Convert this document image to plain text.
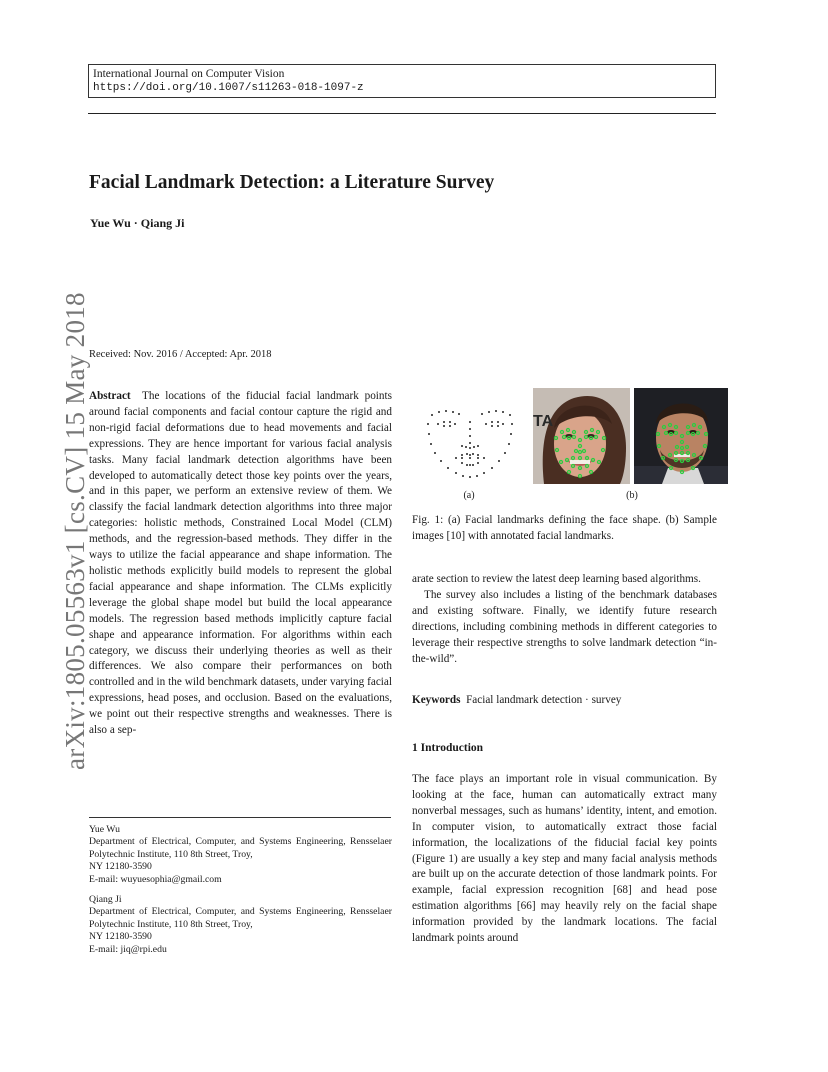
International Journal on Computer Vision
https://doi.org/10.1007/s11263-018-1097-z
Facial Landmark Detection: a Literature Survey
Yue Wu · Qiang Ji
arXiv:1805.05563v1 [cs.CV] 15 May 2018 Received: Nov. 2016 / Accepted: Apr. 2018

Abstract The locations of the fiducial facial landmark points around facial components and facial contour capture the rigid and non-rigid facial deformations due to head movements and facial expressions. They are hence important for various facial analysis tasks. Many facial landmark detection algorithms have been developed to automatically detect those key points over the years, and in this paper, we perform an extensive review of them. We classify the facial landmark detection algorithms into three major categories: holistic methods, Constrained Local Model (CLM) methods, and the regression-based methods. They differ in the ways to utilize the facial appearance and shape information. The holistic methods explicitly build models to represent the global facial appearance and shape information. The CLMs explicitly leverage the global shape model but build the local appearance models. The regression based methods implicitly capture facial shape and appearance information. For algorithms within each category, we discuss their underlying theories as well as their differences. We also compare their performances on both controlled and in the wild benchmark datasets, under varying facial expressions, head poses, and occlusion. Based on the evaluations, we point out their respective strengths and weaknesses. There is also a sep-

Yue Wu

Department of Electrical, Computer, and Systems Engineering, Rensselaer Polytechnic Institute, 110 8th Street, Troy,

NY 12180-3590

E-mail: wuyuesophia@gmail.com

Qiang Ji

Department of Electrical, Computer, and Systems Engineering, Rensselaer Polytechnic Institute, 110 8th Street, Troy,

NY 12180-3590

E-mail: jiq@rpi.edu

TA
(a)	(b)
Fig. 1: (a) Facial landmarks defining the face shape. (b) Sample images [10] with annotated facial landmarks.

arate section to review the latest deep learning based algorithms.

The survey also includes a listing of the benchmark databases and existing software. Finally, we identify future research directions, including combining methods in different categories to leverage their respective strengths to solve landmark detection “in-the-wild”.

Keywords Facial landmark detection · survey
1 Introduction

The face plays an important role in visual communication. By looking at the face, human can automatically extract many nonverbal messages, such as humans’ identity, intent, and emotion. In computer vision, to automatically extract those facial information, the localizations of the fiducial facial key points (Figure 1) are usually a key step and many facial analysis methods are built up on the accurate detection of those landmark points. For example, facial expression recognition [68] and head pose estimation algorithms [66] may heavily rely on the facial shape information provided by the landmark locations. The facial landmark points around
